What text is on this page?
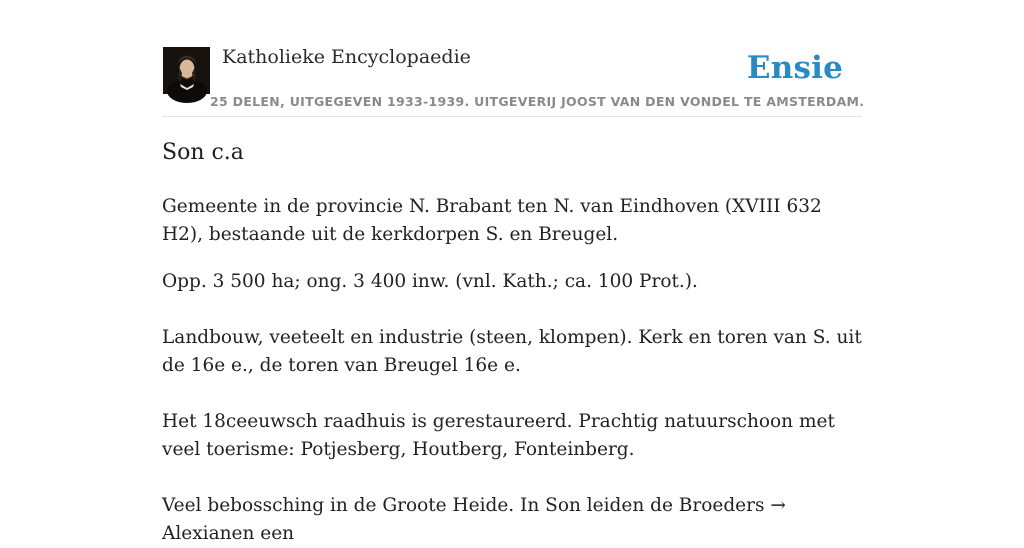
Katholieke Encyclopaedie	Ensie
25 DELEN, UITGEGEVEN 1933-1939. UITGEVERIJ JOOST VAN DEN VONDEL TE AMSTERDAM.
Son c.a

Gemeente in de provincie N. Brabant ten N. van Eindhoven (XVIII 632 H2), bestaande uit de kerkdorpen S. en Breugel.

Opp. 3 500 ha; ong. 3 400 inw. (vnl. Kath.; ca. 100 Prot.).

Landbouw, veeteelt en industrie (steen, klompen). Kerk en toren van S. uit de 16e e., de toren van Breugel 16e e.

Het 18ceeuwsch raadhuis is gerestaureerd. Prachtig natuurschoon met veel toerisme: Potjesberg, Houtberg, Fonteinberg.

Veel bebossching in de Groote Heide. In Son leiden de Broeders → Alexianen een
